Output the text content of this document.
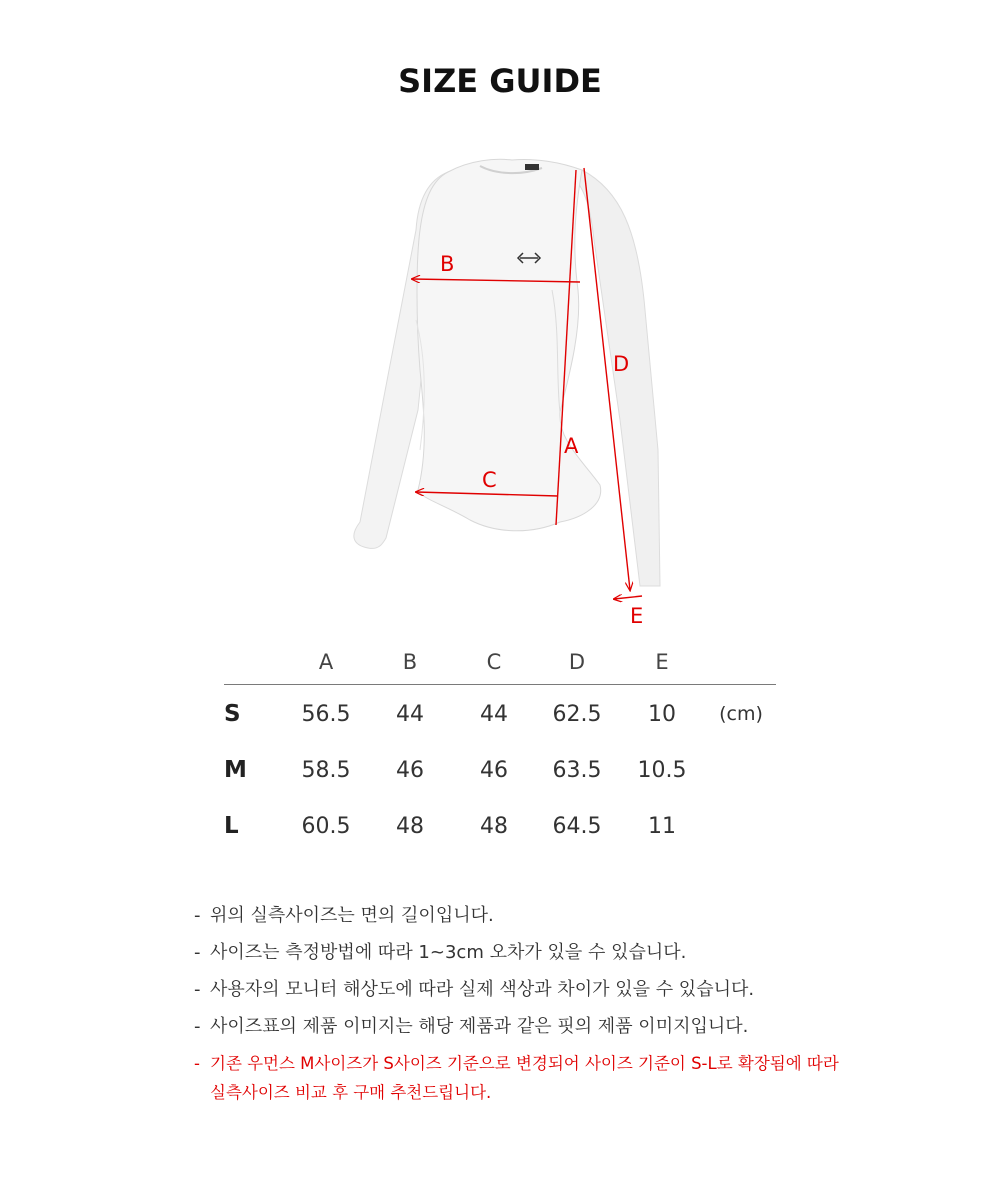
SIZE GUIDE
B
A
C
D
E
A	B	C	D	E
S	56.5	44	44	62.5	10	(cm)
M	58.5	46	46	63.5	10.5
L	60.5	48	48	64.5	11
- 위의 실측사이즈는 면의 길이입니다.
- 사이즈는 측정방법에 따라 1~3cm 오차가 있을 수 있습니다.
- 사용자의 모니터 해상도에 따라 실제 색상과 차이가 있을 수 있습니다.
- 사이즈표의 제품 이미지는 해당 제품과 같은 핏의 제품 이미지입니다.
- 기존 우먼스 M사이즈가 S사이즈 기준으로 변경되어 사이즈 기준이 S-L로 확장됨에 따라
실측사이즈 비교 후 구매 추천드립니다.
